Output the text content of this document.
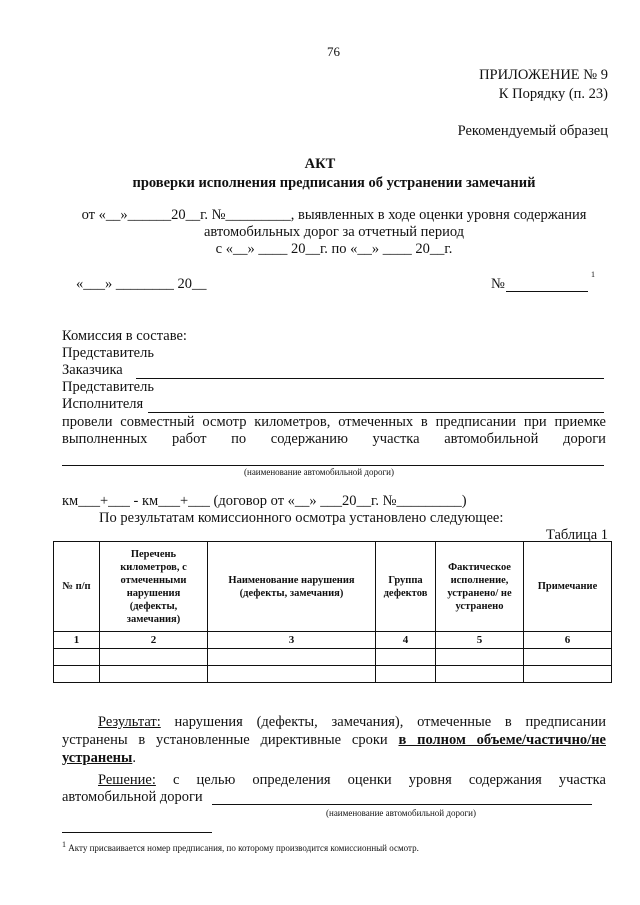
76
ПРИЛОЖЕНИЕ № 9
К Порядку (п. 23)
Рекомендуемый образец
АКТ
проверки исполнения предписания об устранении замечаний
от «__»______20__г. №_________, выявленных в ходе оценки уровня содержания
автомобильных дорог за отчетный период
с «__» ____ 20__г. по «__» ____ 20__г.
«___» ________ 20__	№
1
Комиссия в составе:
Представитель
Заказчика
Представитель
Исполнителя
провели совместный осмотр километров, отмеченных в предписании при приемке
выполненных работ по содержанию участка автомобильной дороги
(наименование автомобильной дороги)
км___+___ - км___+___ (договор от «__» ___20__г. №_________)
По результатам комиссионного осмотра установлено следующее:
Таблица 1
№ п/п	Перечень километров, с отмеченными нарушения (дефекты, замечания)	Наименование нарушения (дефекты, замечания)	Группа дефектов	Фактическое исполнение, устранено/ не устранено	Примечание
1	2	3	4	5	6

Результат: нарушения (дефекты, замечания), отмеченные в предписании
устранены в установленные директивные сроки в полном объеме/частично/не
устранены.
Решение: с целью определения оценки уровня содержания участка
автомобильной дороги
(наименование автомобильной дороги)
$^1$ Акту присваивается номер предписания, по которому производится комиссионный осмотр.
